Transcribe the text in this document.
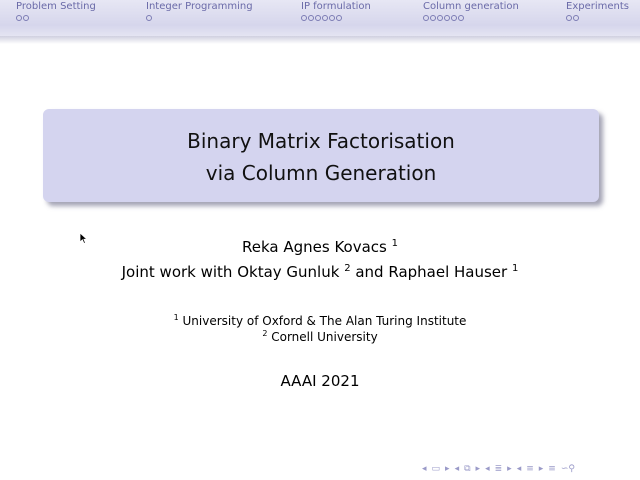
Problem Setting	Integer Programming	IP formulation	Column generation	Experiments
Binary Matrix Factorisation
via Column Generation
Reka Agnes Kovacs $^1$
Joint work with Oktay Gunluk $^2$ and Raphael Hauser $^1$
$^1$ University of Oxford & The Alan Turing Institute
$^2$ Cornell University
AAAI 2021
◂ ▭ ▸ ◂ ⧉ ▸ ◂ ≣ ▸ ◂ ≡ ▸ ≡ ∽⚲
